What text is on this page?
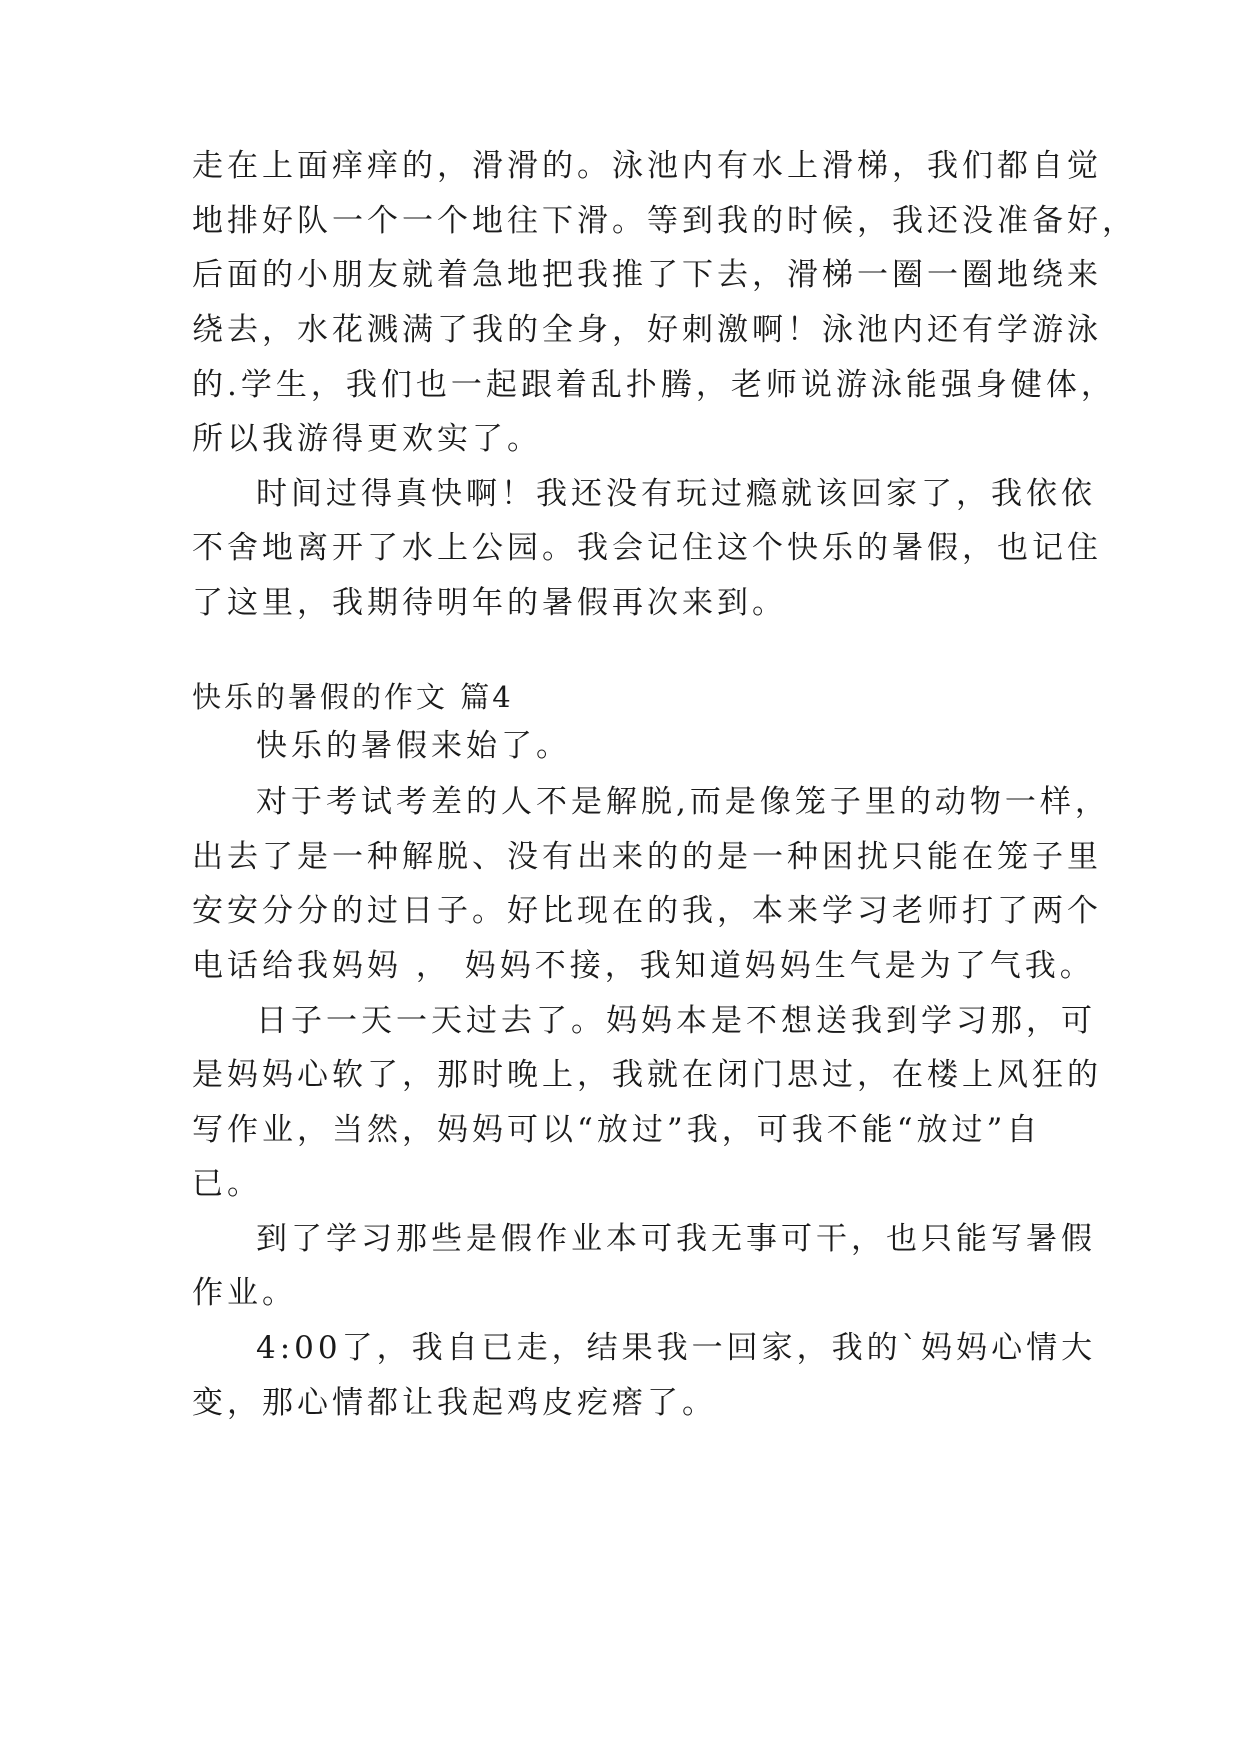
走在上面痒痒的，滑滑的。泳池内有水上滑梯，我们都自觉

地排好队一个一个地往下滑。等到我的时候，我还没准备好，

后面的小朋友就着急地把我推了下去，滑梯一圈一圈地绕来

绕去，水花溅满了我的全身，好刺激啊！泳池内还有学游泳

的.学生，我们也一起跟着乱扑腾，老师说游泳能强身健体，

所以我游得更欢实了。

时间过得真快啊！我还没有玩过瘾就该回家了，我依依

不舍地离开了水上公园。我会记住这个快乐的暑假，也记住

了这里，我期待明年的暑假再次来到。

快乐的暑假的作文 篇4

快乐的暑假来始了。

对于考试考差的人不是解脱,而是像笼子里的动物一样，

出去了是一种解脱、没有出来的的是一种困扰只能在笼子里

安安分分的过日子。好比现在的我，本来学习老师打了两个

电话给我妈妈 ， 妈妈不接，我知道妈妈生气是为了气我。

日子一天一天过去了。妈妈本是不想送我到学习那，可

是妈妈心软了，那时晚上，我就在闭门思过，在楼上风狂的

写作业，当然，妈妈可以“放过”我，可我不能“放过”自

已。

到了学习那些是假作业本可我无事可干，也只能写暑假

作业。

4:00了，我自已走，结果我一回家，我的`妈妈心情大

变，那心情都让我起鸡皮疙瘩了。
